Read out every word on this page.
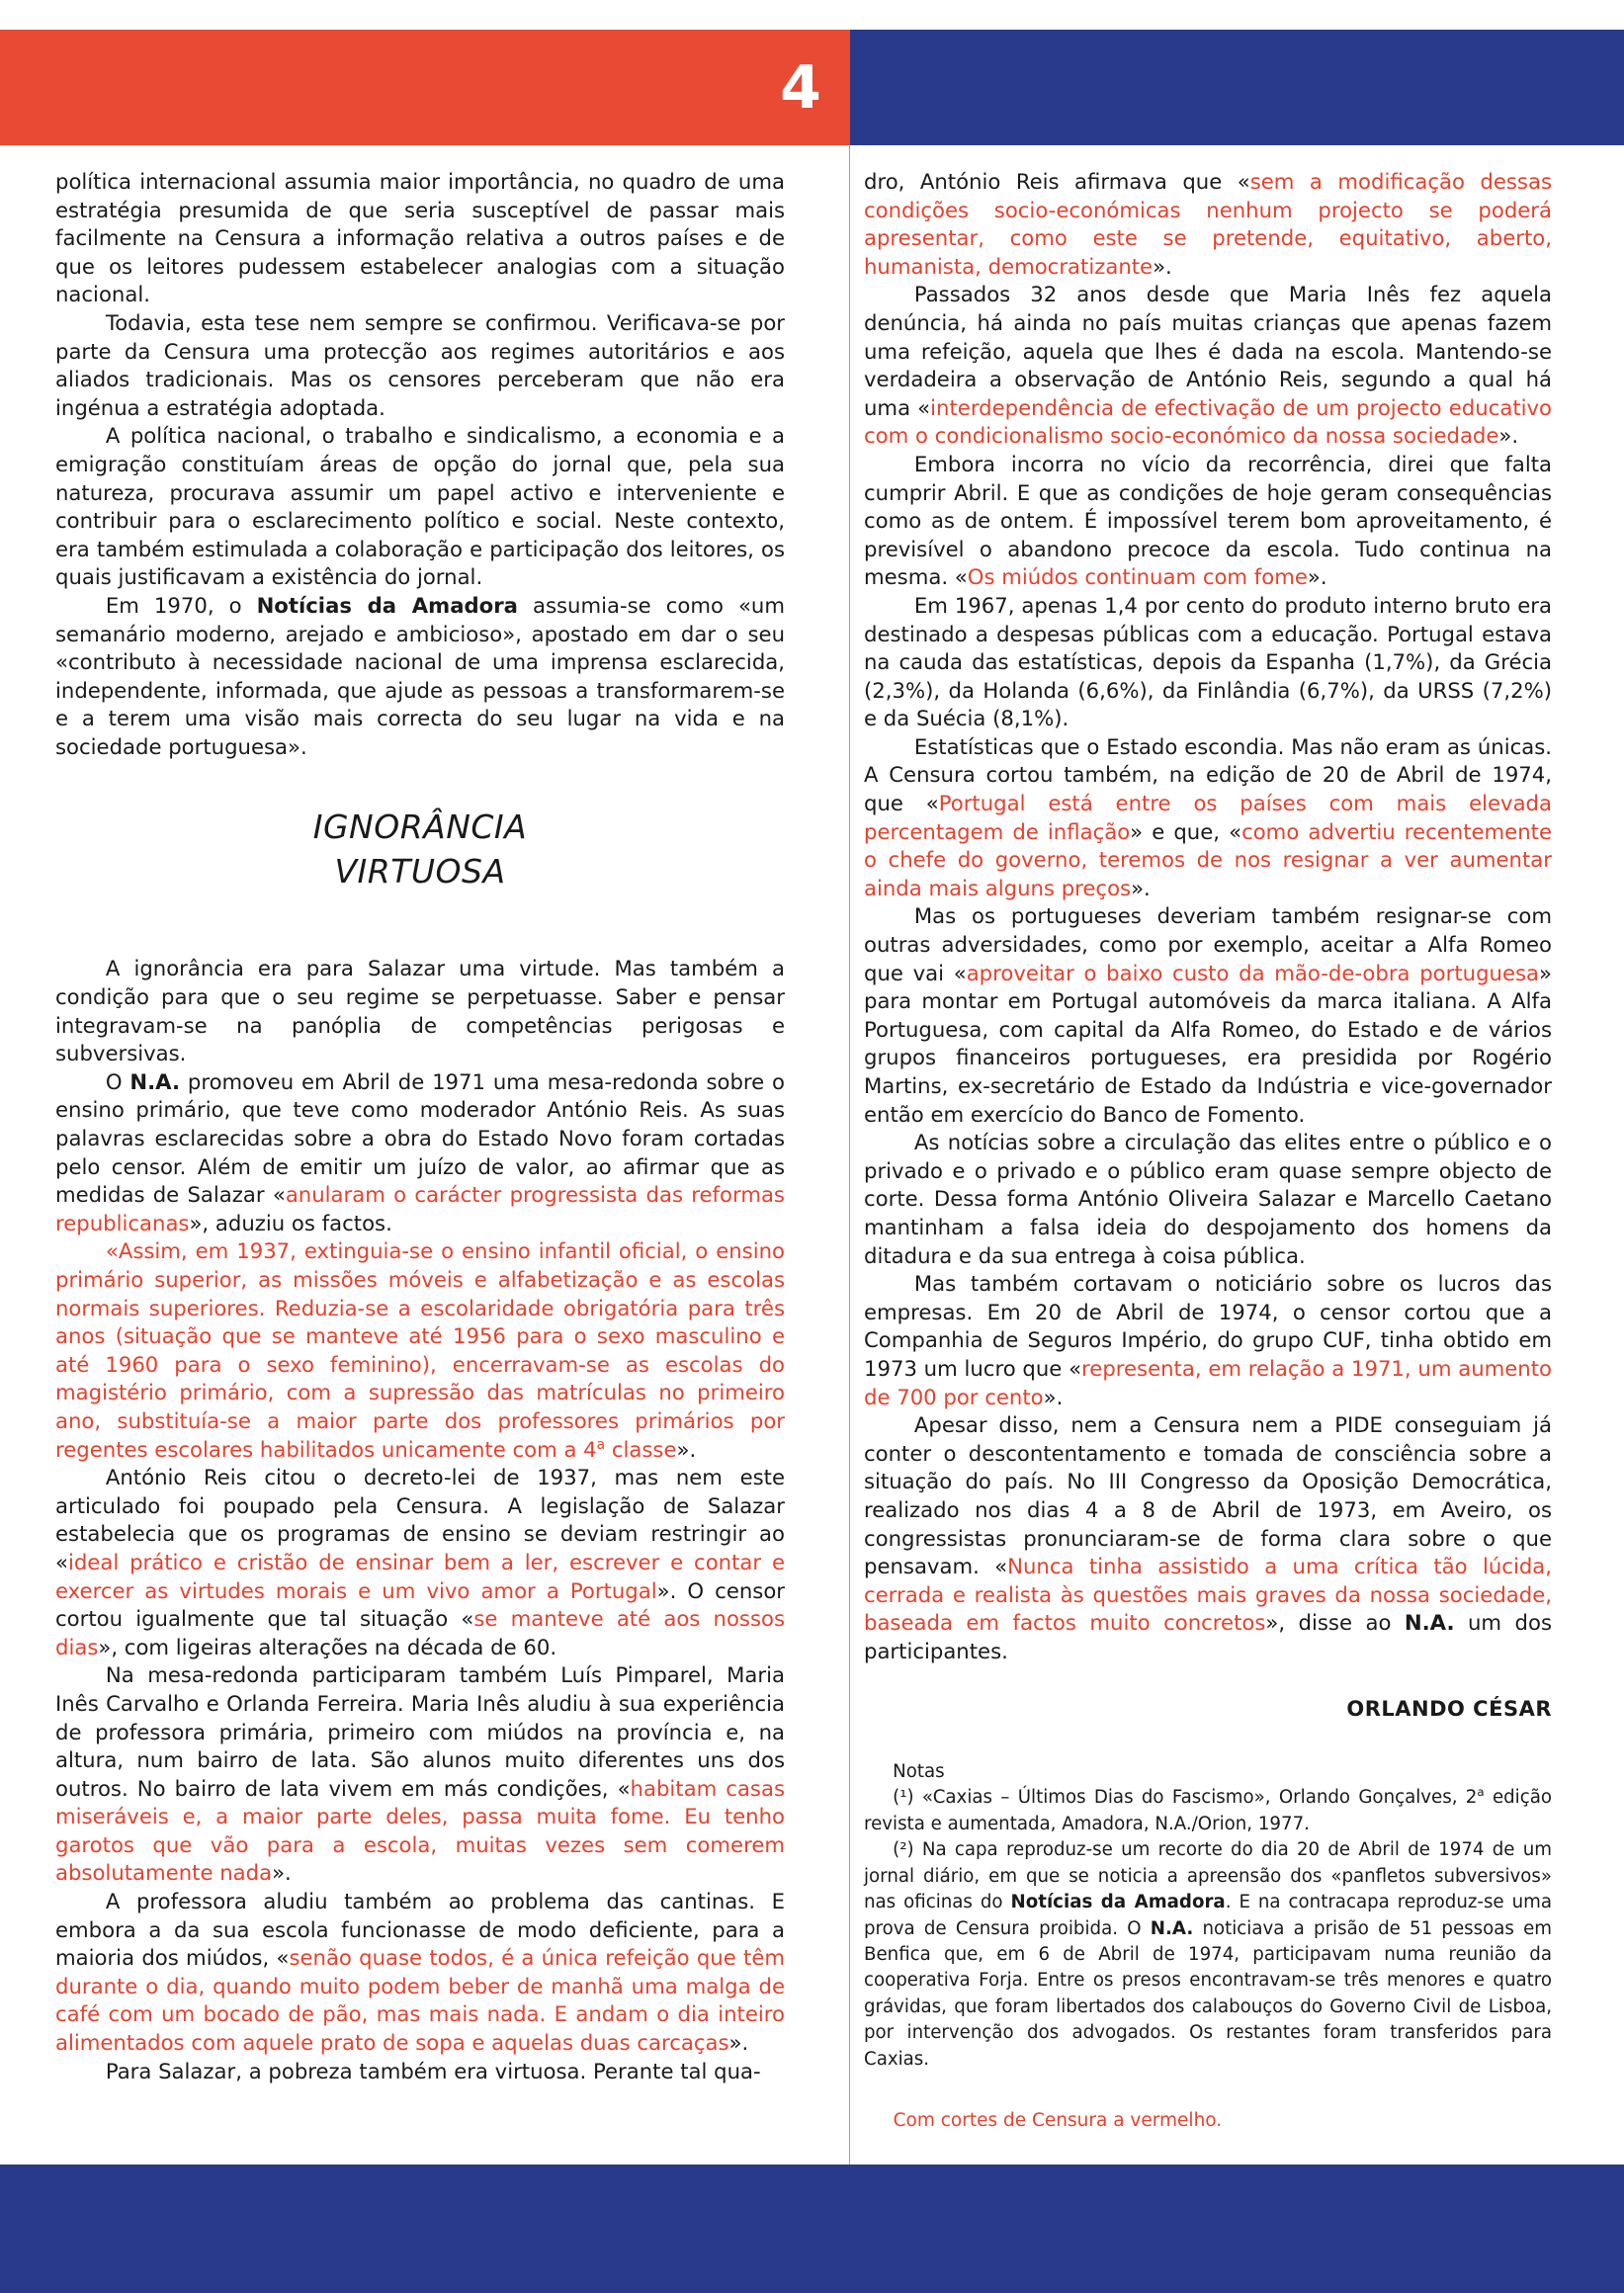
4

política internacional assumia maior importância, no quadro de uma estratégia presumida de que seria susceptível de passar mais facilmente na Censura a informação relativa a outros países e de que os leitores pudessem estabelecer analogias com a situação nacional.

Todavia, esta tese nem sempre se confirmou. Verificava-se por parte da Censura uma protecção aos regimes autoritários e aos aliados tradicionais. Mas os censores perceberam que não era ingénua a estratégia adoptada.

A política nacional, o trabalho e sindicalismo, a economia e a emigração constituíam áreas de opção do jornal que, pela sua natureza, procurava assumir um papel activo e interveniente e contribuir para o esclarecimento político e social. Neste contexto, era também estimulada a colaboração e participação dos leitores, os quais justificavam a existência do jornal.

Em 1970, o Notícias da Amadora assumia-se como «um semanário moderno, arejado e ambicioso», apostado em dar o seu «contributo à necessidade nacional de uma imprensa esclarecida, independente, informada, que ajude as pessoas a transformarem-se e a terem uma visão mais correcta do seu lugar na vida e na sociedade portuguesa».

IGNORÂNCIA
VIRTUOSA

A ignorância era para Salazar uma virtude. Mas também a condição para que o seu regime se perpetuasse. Saber e pensar integravam-se na panóplia de competências perigosas e subversivas.

O N.A. promoveu em Abril de 1971 uma mesa-redonda sobre o ensino primário, que teve como moderador António Reis. As suas palavras esclarecidas sobre a obra do Estado Novo foram cortadas pelo censor. Além de emitir um juízo de valor, ao afirmar que as medidas de Salazar «anularam o carácter progressista das reformas republicanas», aduziu os factos.

«Assim, em 1937, extinguia-se o ensino infantil oficial, o ensino primário superior, as missões móveis e alfabetização e as escolas normais superiores. Reduzia-se a escolaridade obrigatória para três anos (situação que se manteve até 1956 para o sexo masculino e até 1960 para o sexo feminino), encerravam-se as escolas do magistério primário, com a supressão das matrículas no primeiro ano, substituía-se a maior parte dos professores primários por regentes escolares habilitados unicamente com a 4$^a$ classe».

António Reis citou o decreto-lei de 1937, mas nem este articulado foi poupado pela Censura. A legislação de Salazar estabelecia que os programas de ensino se deviam restringir ao «ideal prático e cristão de ensinar bem a ler, escrever e contar e exercer as virtudes morais e um vivo amor a Portugal». O censor cortou igualmente que tal situação «se manteve até aos nossos dias», com ligeiras alterações na década de 60.

Na mesa-redonda participaram também Luís Pimparel, Maria Inês Carvalho e Orlanda Ferreira. Maria Inês aludiu à sua experiência de professora primária, primeiro com miúdos na província e, na altura, num bairro de lata. São alunos muito diferentes uns dos outros. No bairro de lata vivem em más condições, «habitam casas miseráveis e, a maior parte deles, passa muita fome. Eu tenho garotos que vão para a escola, muitas vezes sem comerem absolutamente nada».

A professora aludiu também ao problema das cantinas. E embora a da sua escola funcionasse de modo deficiente, para a maioria dos miúdos, «senão quase todos, é a única refeição que têm durante o dia, quando muito podem beber de manhã uma malga de café com um bocado de pão, mas mais nada. E andam o dia inteiro alimentados com aquele prato de sopa e aquelas duas carcaças».

Para Salazar, a pobreza também era virtuosa. Perante tal qua-

dro, António Reis afirmava que «sem a modificação dessas condições socio-económicas nenhum projecto se poderá apresentar, como este se pretende, equitativo, aberto, humanista, democratizante».

Passados 32 anos desde que Maria Inês fez aquela denúncia, há ainda no país muitas crianças que apenas fazem uma refeição, aquela que lhes é dada na escola. Mantendo-se verdadeira a observação de António Reis, segundo a qual há uma «interdependência de efectivação de um projecto educativo com o condicionalismo socio-económico da nossa sociedade».

Embora incorra no vício da recorrência, direi que falta cumprir Abril. E que as condições de hoje geram consequências como as de ontem. É impossível terem bom aproveitamento, é previsível o abandono precoce da escola. Tudo continua na mesma. «Os miúdos continuam com fome».

Em 1967, apenas 1,4 por cento do produto interno bruto era destinado a despesas públicas com a educação. Portugal estava na cauda das estatísticas, depois da Espanha (1,7%), da Grécia (2,3%), da Holanda (6,6%), da Finlândia (6,7%), da URSS (7,2%) e da Suécia (8,1%).

Estatísticas que o Estado escondia. Mas não eram as únicas. A Censura cortou também, na edição de 20 de Abril de 1974, que «Portugal está entre os países com mais elevada percentagem de inflação» e que, «como advertiu recentemente o chefe do governo, teremos de nos resignar a ver aumentar ainda mais alguns preços».

Mas os portugueses deveriam também resignar-se com outras adversidades, como por exemplo, aceitar a Alfa Romeo que vai «aproveitar o baixo custo da mão-de-obra portuguesa» para montar em Portugal automóveis da marca italiana. A Alfa Portuguesa, com capital da Alfa Romeo, do Estado e de vários grupos financeiros portugueses, era presidida por Rogério Martins, ex-secretário de Estado da Indústria e vice-governador então em exercício do Banco de Fomento.

As notícias sobre a circulação das elites entre o público e o privado e o privado e o público eram quase sempre objecto de corte. Dessa forma António Oliveira Salazar e Marcello Caetano mantinham a falsa ideia do despojamento dos homens da ditadura e da sua entrega à coisa pública.

Mas também cortavam o noticiário sobre os lucros das empresas. Em 20 de Abril de 1974, o censor cortou que a Companhia de Seguros Império, do grupo CUF, tinha obtido em 1973 um lucro que «representa, em relação a 1971, um aumento de 700 por cento».

Apesar disso, nem a Censura nem a PIDE conseguiam já conter o descontentamento e tomada de consciência sobre a situação do país. No III Congresso da Oposição Democrática, realizado nos dias 4 a 8 de Abril de 1973, em Aveiro, os congressistas pronunciaram-se de forma clara sobre o que pensavam. «Nunca tinha assistido a uma crítica tão lúcida, cerrada e realista às questões mais graves da nossa sociedade, baseada em factos muito concretos», disse ao N.A. um dos participantes.

ORLANDO CÉSAR

Notas

(¹) «Caxias – Últimos Dias do Fascismo», Orlando Gonçalves, 2$^a$ edição revista e aumentada, Amadora, N.A./Orion, 1977.

(²) Na capa reproduz-se um recorte do dia 20 de Abril de 1974 de um jornal diário, em que se noticia a apreensão dos «panfletos subversivos» nas oficinas do Notícias da Amadora. E na contracapa reproduz-se uma prova de Censura proibida. O N.A. noticiava a prisão de 51 pessoas em Benfica que, em 6 de Abril de 1974, participavam numa reunião da cooperativa Forja. Entre os presos encontravam-se três menores e quatro grávidas, que foram libertados dos calabouços do Governo Civil de Lisboa, por intervenção dos advogados. Os restantes foram transferidos para Caxias.

Com cortes de Censura a vermelho.
